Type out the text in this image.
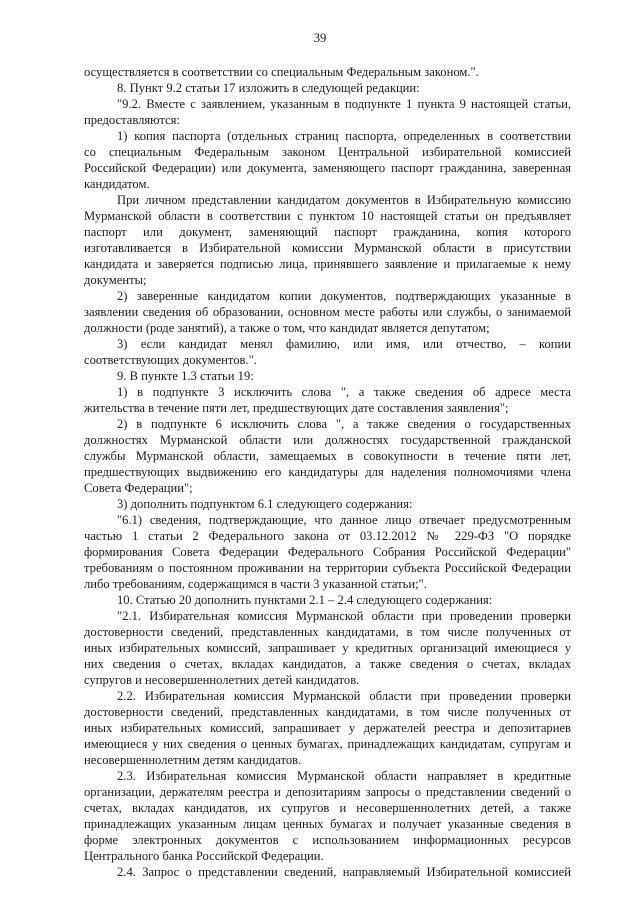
39

осуществляется в соответствии со специальным Федеральным законом.".

8. Пункт 9.2 статьи 17 изложить в следующей редакции:

"9.2. Вместе с заявлением, указанным в подпункте 1 пункта 9 настоящей статьи,

предоставляются:

1) копия паспорта (отдельных страниц паспорта, определенных в соответствии

со специальным Федеральным законом Центральной избирательной комиссией

Российской Федерации) или документа, заменяющего паспорт гражданина, заверенная

кандидатом.

При личном представлении кандидатом документов в Избирательную комиссию

Мурманской области в соответствии с пунктом 10 настоящей статьи он предъявляет

паспорт или документ, заменяющий паспорт гражданина, копия которого

изготавливается в Избирательной комиссии Мурманской области в присутствии

кандидата и заверяется подписью лица, принявшего заявление и прилагаемые к нему

документы;

2) заверенные кандидатом копии документов, подтверждающих указанные в

заявлении сведения об образовании, основном месте работы или службы, о занимаемой

должности (роде занятий), а также о том, что кандидат является депутатом;

3) если кандидат менял фамилию, или имя, или отчество, – копии

соответствующих документов.".

9. В пункте 1.3 статьи 19:

1) в подпункте 3 исключить слова ", а также сведения об адресе места

жительства в течение пяти лет, предшествующих дате составления заявления";

2) в подпункте 6 исключить слова ", а также сведения о государственных

должностях Мурманской области или должностях государственной гражданской

службы Мурманской области, замещаемых в совокупности в течение пяти лет,

предшествующих выдвижению его кандидатуры для наделения полномочиями члена

Совета Федерации";

3) дополнить подпунктом 6.1 следующего содержания:

"6.1) сведения, подтверждающие, что данное лицо отвечает предусмотренным

частью 1 статьи 2 Федерального закона от 03.12.2012 № 229-ФЗ "О порядке

формирования Совета Федерации Федерального Собрания Российской Федерации"

требованиям о постоянном проживании на территории субъекта Российской Федерации

либо требованиям, содержащимся в части 3 указанной статьи;".

10. Статью 20 дополнить пунктами 2.1 – 2.4 следующего содержания:

"2.1. Избирательная комиссия Мурманской области при проведении проверки

достоверности сведений, представленных кандидатами, в том числе полученных от

иных избирательных комиссий, запрашивает у кредитных организаций имеющиеся у

них сведения о счетах, вкладах кандидатов, а также сведения о счетах, вкладах

супругов и несовершеннолетних детей кандидатов.

2.2. Избирательная комиссия Мурманской области при проведении проверки

достоверности сведений, представленных кандидатами, в том числе полученных от

иных избирательных комиссий, запрашивает у держателей реестра и депозитариев

имеющиеся у них сведения о ценных бумагах, принадлежащих кандидатам, супругам и

несовершеннолетним детям кандидатов.

2.3. Избирательная комиссия Мурманской области направляет в кредитные

организации, держателям реестра и депозитариям запросы о представлении сведений о

счетах, вкладах кандидатов, их супругов и несовершеннолетних детей, а также

принадлежащих указанным лицам ценных бумагах и получает указанные сведения в

форме электронных документов с использованием информационных ресурсов

Центрального банка Российской Федерации.

2.4. Запрос о представлении сведений, направляемый Избирательной комиссией
